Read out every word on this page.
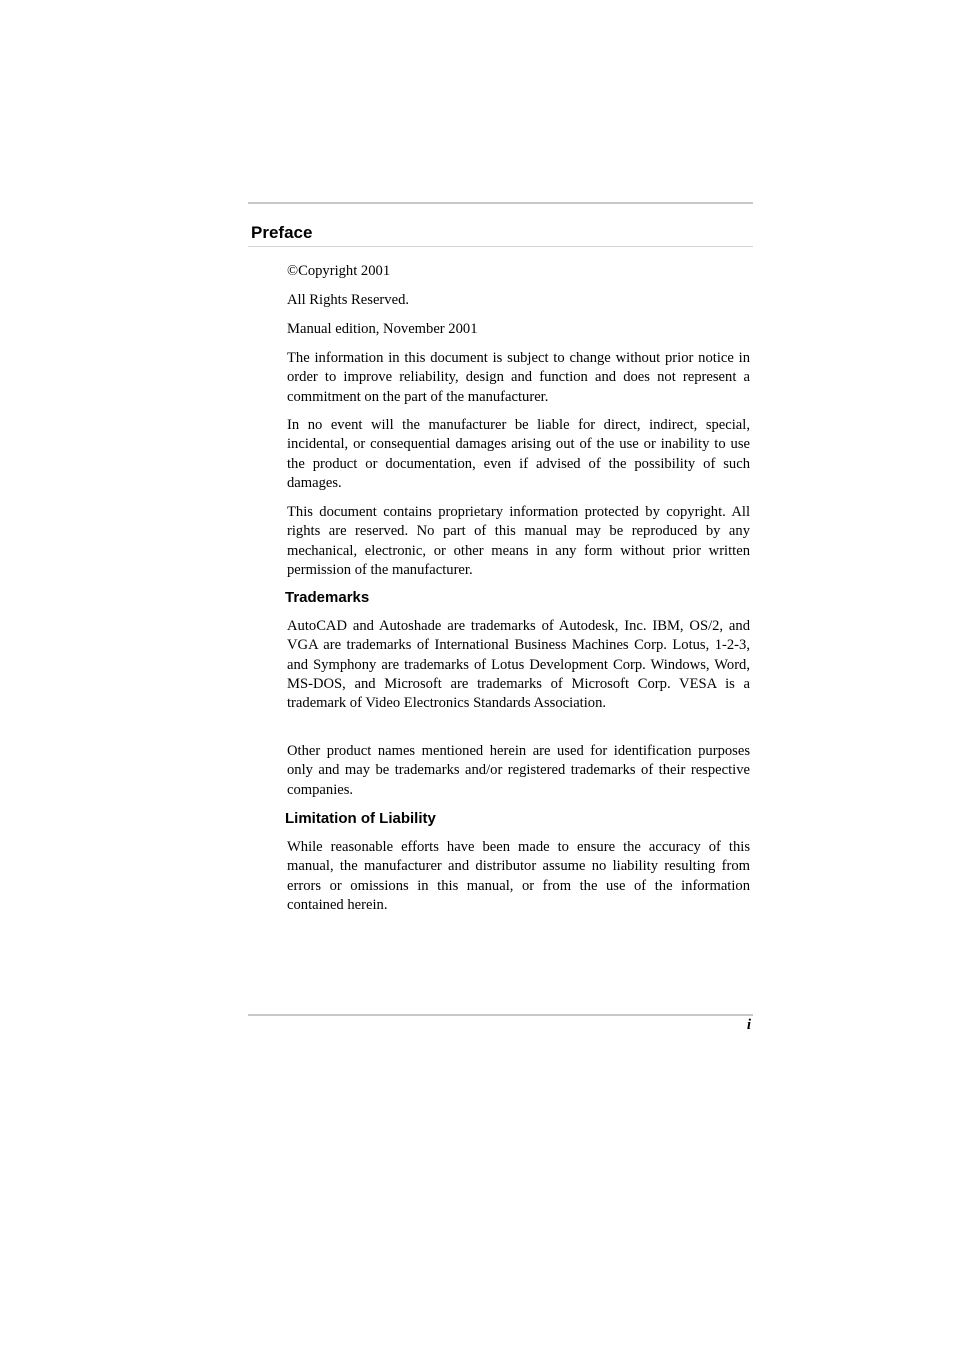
Preface

©Copyright 2001

All Rights Reserved.

Manual edition, November 2001

The information in this document is subject to change without prior notice in order to improve reliability, design and function and does not represent a commitment on the part of the manufacturer.

In no event will the manufacturer be liable for direct, indirect, special, incidental, or consequential damages arising out of the use or inability to use the product or documentation, even if advised of the possibility of such damages.

This document contains proprietary information protected by copyright. All rights are reserved. No part of this manual may be reproduced by any mechanical, electronic, or other means in any form without prior written permission of the manufacturer.

Trademarks

AutoCAD and Autoshade are trademarks of Autodesk, Inc. IBM, OS/2, and VGA are trademarks of International Business Machines Corp. Lotus, 1-2-3, and Symphony are trademarks of Lotus Development Corp. Windows, Word, MS-DOS, and Microsoft are trademarks of Microsoft Corp. VESA is a trademark of Video Electronics Standards Association.

Other product names mentioned herein are used for identification purposes only and may be trademarks and/or registered trademarks of their respective companies.

Limitation of Liability

While reasonable efforts have been made to ensure the accuracy of this manual, the manufacturer and distributor assume no liability resulting from errors or omissions in this manual, or from the use of the information contained herein.

i
